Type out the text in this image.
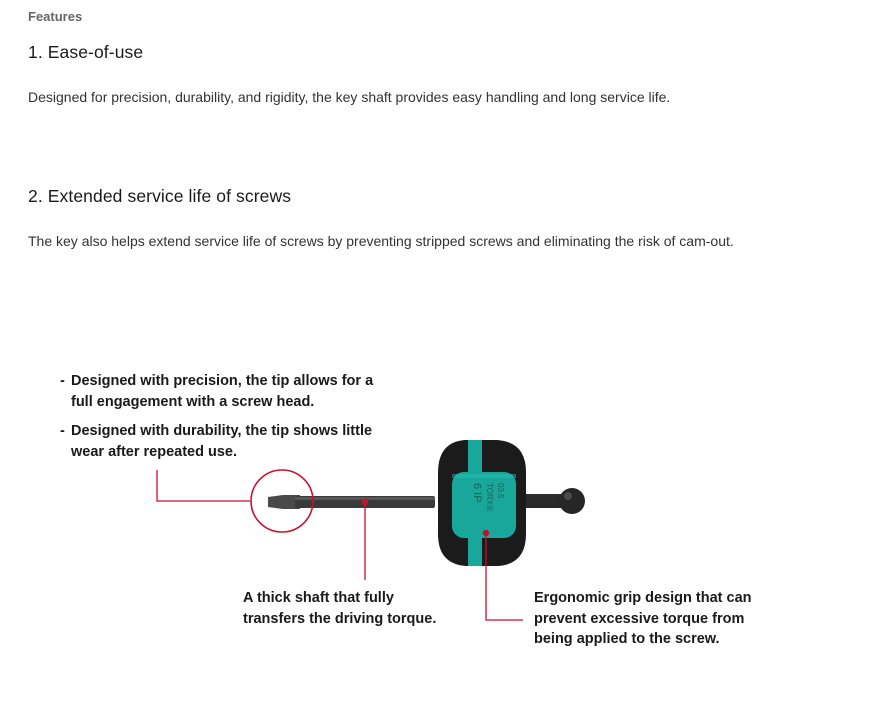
Features
1. Ease-of-use
Designed for precision, durability, and rigidity, the key shaft provides easy handling and long service life.
2. Extended service life of screws
The key also helps extend service life of screws by preventing stripped screws and eliminating the risk of cam-out.
03.5
TORX®
6 IP
- Designed with precision, the tip allows for a
full engagement with a screw head.
- Designed with durability, the tip shows little
wear after repeated use.
A thick shaft that fully
transfers the driving torque.
Ergonomic grip design that can
prevent excessive torque from
being applied to the screw.
